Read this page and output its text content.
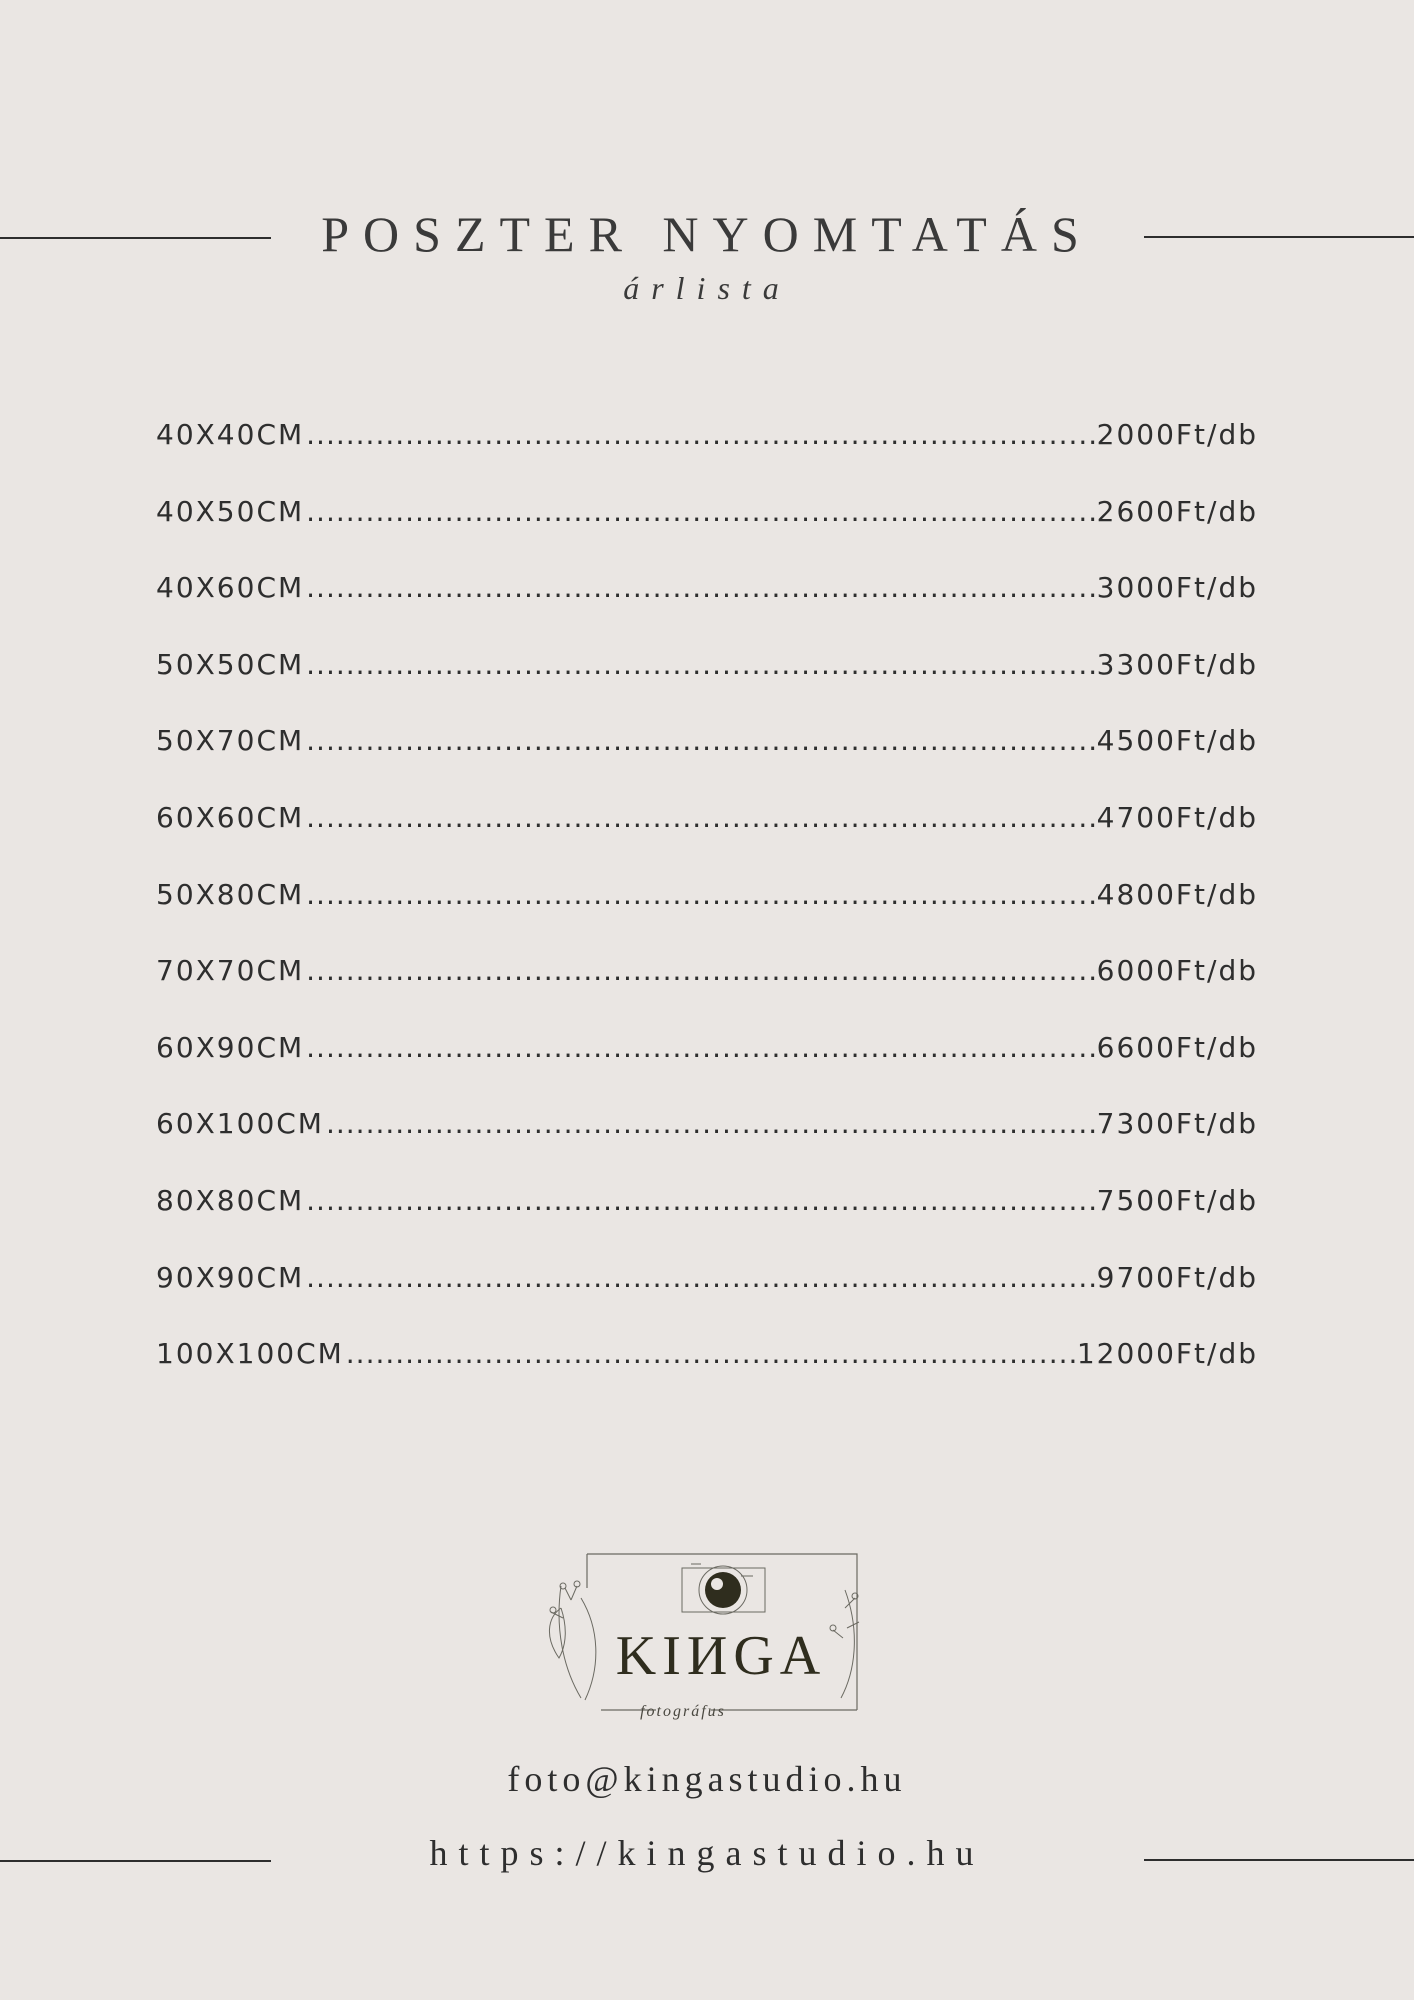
POSZTER NYOMTATÁS
árlista
40X40CM .....	2000Ft/db
40X50CM .....	2600Ft/db
40X60CM .....	3000Ft/db
50X50CM .....	3300Ft/db
50X70CM .....	4500Ft/db
60X60CM .....	4700Ft/db
50X80CM .....	4800Ft/db
70X70CM .....	6000Ft/db
60X90CM .....	6600Ft/db
60X100CM .....	7300Ft/db
80X80CM .....	7500Ft/db
90X90CM .....	9700Ft/db
100X100CM .....	12000Ft/db
KIИGA
fotográfus
foto@kingastudio.hu
https://kingastudio.hu
